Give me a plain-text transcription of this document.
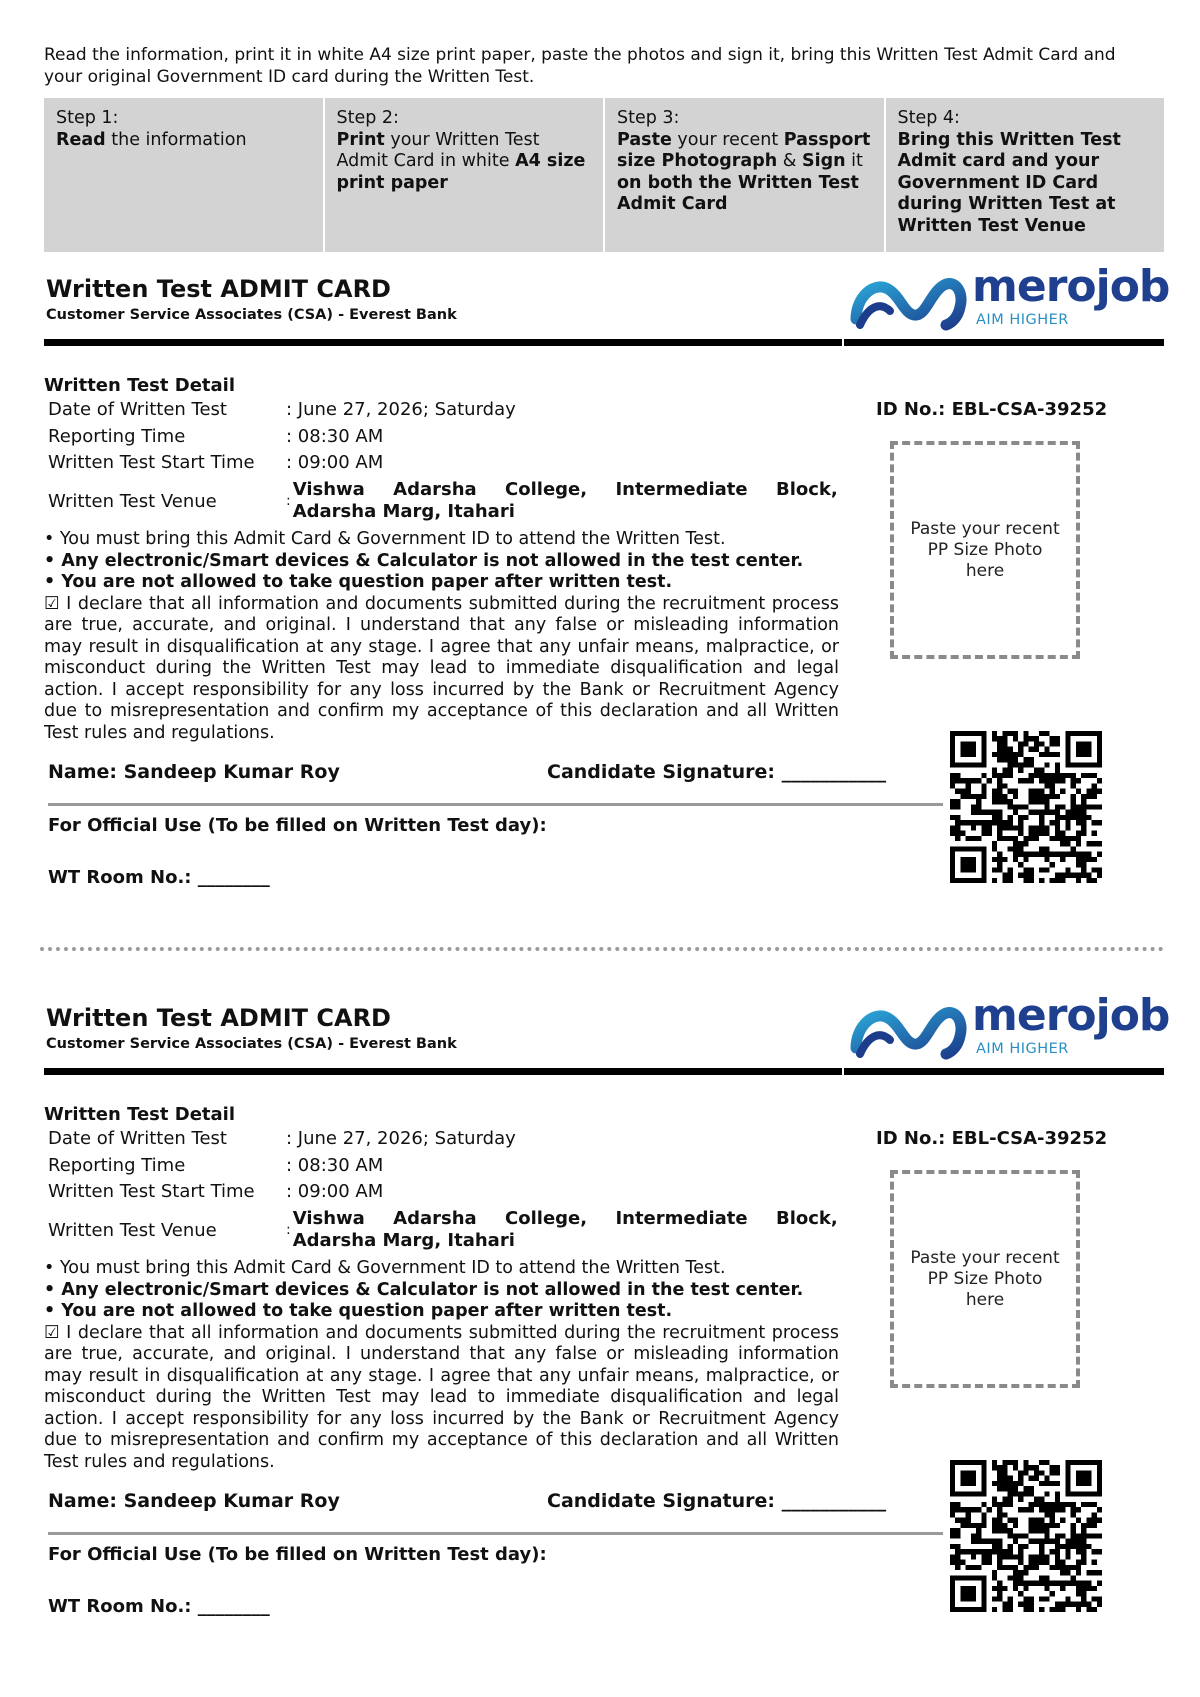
Read the information, print it in white A4 size print paper, paste the photos and sign it, bring this Written Test Admit Card and your original Government ID card during the Written Test.
Step 1:
Read the information
Step 2:
Print your Written Test Admit Card in white A4 size print paper
Step 3:
Paste your recent Passport size Photograph & Sign it on both the Written Test Admit Card
Step 4:
Bring this Written Test Admit card and your Government ID Card during Written Test at Written Test Venue
Written Test ADMIT CARD
Customer Service Associates (CSA) - Everest Bank
merojob
AIM HIGHER
Written Test Detail
ID No.: EBL-CSA-39252
Date of Written Test	: June 27, 2026; Saturday
Reporting Time	: 08:30 AM
Written Test Start Time	: 09:00 AM
Written Test Venue	:
Vishwa Adarsha College, Intermediate Block, Adarsha Marg, Itahari
• You must bring this Admit Card & Government ID to attend the Written Test.
• Any electronic/Smart devices & Calculator is not allowed in the test center.
• You are not allowed to take question paper after written test.
☑ I declare that all information and documents submitted during the recruitment process are true, accurate, and original. I understand that any false or misleading information may result in disqualification at any stage. I agree that any unfair means, malpractice, or misconduct during the Written Test may lead to immediate disqualification and legal action. I accept responsibility for any loss incurred by the Bank or Recruitment Agency due to misrepresentation and confirm my acceptance of this declaration and all Written Test rules and regulations.
Paste your recent PP Size Photo here
Name: Sandeep Kumar Roy	Candidate Signature: ___________
For Official Use (To be filled on Written Test day):
WT Room No.: ________
Written Test ADMIT CARD
Customer Service Associates (CSA) - Everest Bank
merojob
AIM HIGHER
Written Test Detail
ID No.: EBL-CSA-39252
Date of Written Test	: June 27, 2026; Saturday
Reporting Time	: 08:30 AM
Written Test Start Time	: 09:00 AM
Written Test Venue	:
Vishwa Adarsha College, Intermediate Block, Adarsha Marg, Itahari
• You must bring this Admit Card & Government ID to attend the Written Test.
• Any electronic/Smart devices & Calculator is not allowed in the test center.
• You are not allowed to take question paper after written test.
☑ I declare that all information and documents submitted during the recruitment process are true, accurate, and original. I understand that any false or misleading information may result in disqualification at any stage. I agree that any unfair means, malpractice, or misconduct during the Written Test may lead to immediate disqualification and legal action. I accept responsibility for any loss incurred by the Bank or Recruitment Agency due to misrepresentation and confirm my acceptance of this declaration and all Written Test rules and regulations.
Paste your recent PP Size Photo here
Name: Sandeep Kumar Roy	Candidate Signature: ___________
For Official Use (To be filled on Written Test day):
WT Room No.: ________
